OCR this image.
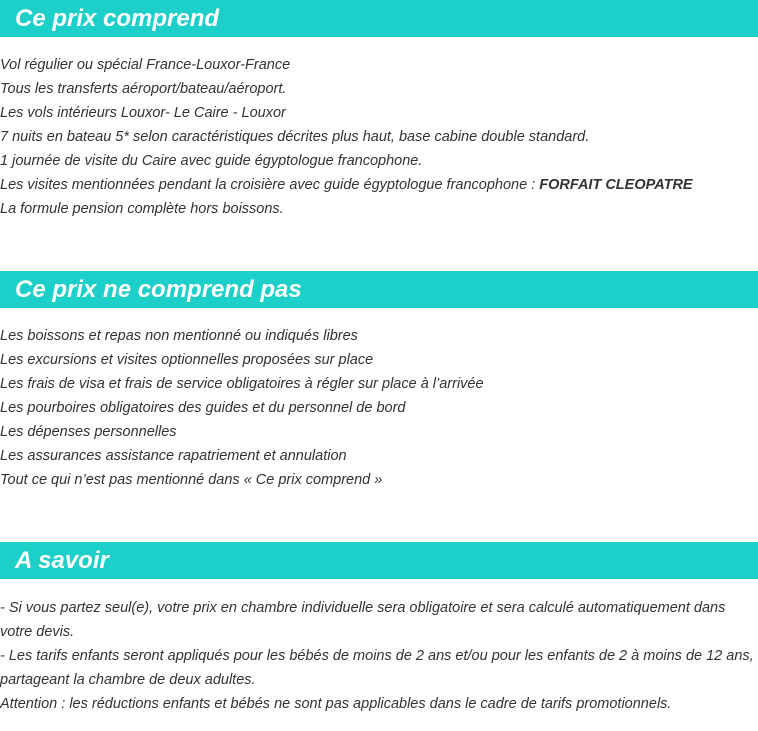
Ce prix comprend
Vol régulier ou spécial France-Louxor-France
Tous les transferts aéroport/bateau/aéroport.
Les vols intérieurs Louxor- Le Caire - Louxor
7 nuits en bateau 5* selon caractéristiques décrites plus haut, base cabine double standard.
1 journée de visite du Caire avec guide égyptologue francophone.
Les visites mentionnées pendant la croisière avec guide égyptologue francophone : FORFAIT CLEOPATRE
La formule pension complète hors boissons.
Ce prix ne comprend pas
Les boissons et repas non mentionné ou indiqués libres
Les excursions et visites optionnelles proposées sur place
Les frais de visa et frais de service obligatoires à régler sur place à l’arrivée
Les pourboires obligatoires des guides et du personnel de bord
Les dépenses personnelles
Les assurances assistance rapatriement et annulation
Tout ce qui n’est pas mentionné dans « Ce prix comprend »
A savoir
- Si vous partez seul(e), votre prix en chambre individuelle sera obligatoire et sera calculé automatiquement dans votre devis.
- Les tarifs enfants seront appliqués pour les bébés de moins de 2 ans et/ou pour les enfants de 2 à moins de 12 ans, partageant la chambre de deux adultes.
Attention : les réductions enfants et bébés ne sont pas applicables dans le cadre de tarifs promotionnels.
